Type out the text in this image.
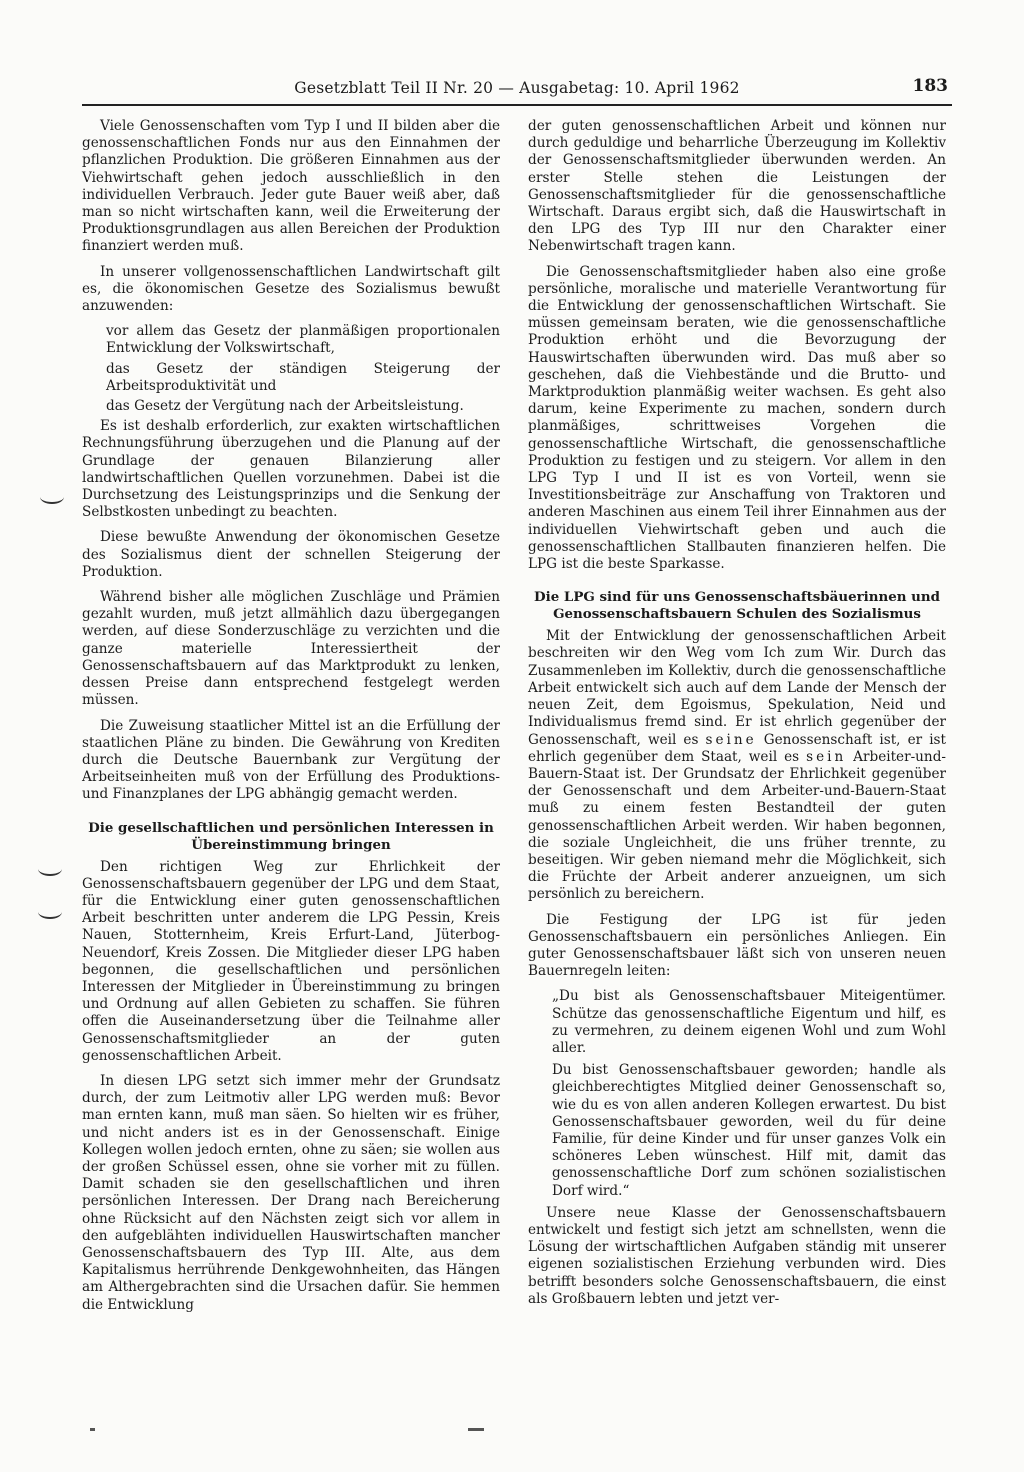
Gesetzblatt Teil II Nr. 20 — Ausgabetag: 10. April 1962	183

Viele Genossenschaften vom Typ I und II bilden aber die genossenschaftlichen Fonds nur aus den Einnahmen der pflanzlichen Produktion. Die größeren Einnahmen aus der Viehwirtschaft gehen jedoch ausschließlich in den individuellen Verbrauch. Jeder gute Bauer weiß aber, daß man so nicht wirtschaften kann, weil die Erweiterung der Produktionsgrundlagen aus allen Bereichen der Produktion finanziert werden muß.

In unserer vollgenossenschaftlichen Landwirtschaft gilt es, die ökonomischen Gesetze des Sozialismus bewußt anzuwenden:

vor allem das Gesetz der planmäßigen proportionalen Entwicklung der Volkswirtschaft,

das Gesetz der ständigen Steigerung der Arbeitsproduktivität und

das Gesetz der Vergütung nach der Arbeitsleistung.

Es ist deshalb erforderlich, zur exakten wirtschaftlichen Rechnungsführung überzugehen und die Planung auf der Grundlage der genauen Bilanzierung aller landwirtschaftlichen Quellen vorzunehmen. Dabei ist die Durchsetzung des Leistungsprinzips und die Senkung der Selbstkosten unbedingt zu beachten.

Diese bewußte Anwendung der ökonomischen Gesetze des Sozialismus dient der schnellen Steigerung der Produktion.

Während bisher alle möglichen Zuschläge und Prämien gezahlt wurden, muß jetzt allmählich dazu übergegangen werden, auf diese Sonderzuschläge zu verzichten und die ganze materielle Interessiertheit der Genossenschaftsbauern auf das Marktprodukt zu lenken, dessen Preise dann entsprechend festgelegt werden müssen.

Die Zuweisung staatlicher Mittel ist an die Erfüllung der staatlichen Pläne zu binden. Die Gewährung von Krediten durch die Deutsche Bauernbank zur Vergütung der Arbeitseinheiten muß von der Erfüllung des Produktions- und Finanzplanes der LPG abhängig gemacht werden.

Die gesellschaftlichen und persönlichen Interessen in Übereinstimmung bringen

Den richtigen Weg zur Ehrlichkeit der Genossenschaftsbauern gegenüber der LPG und dem Staat, für die Entwicklung einer guten genossenschaftlichen Arbeit beschritten unter anderem die LPG Pessin, Kreis Nauen, Stotternheim, Kreis Erfurt-Land, Jüterbog-Neuendorf, Kreis Zossen. Die Mitglieder dieser LPG haben begonnen, die gesellschaftlichen und persönlichen Interessen der Mitglieder in Übereinstimmung zu bringen und Ordnung auf allen Gebieten zu schaffen. Sie führen offen die Auseinandersetzung über die Teilnahme aller Genossenschaftsmitglieder an der guten genossenschaftlichen Arbeit.

In diesen LPG setzt sich immer mehr der Grundsatz durch, der zum Leitmotiv aller LPG werden muß: Bevor man ernten kann, muß man säen. So hielten wir es früher, und nicht anders ist es in der Genossenschaft. Einige Kollegen wollen jedoch ernten, ohne zu säen; sie wollen aus der großen Schüssel essen, ohne sie vorher mit zu füllen. Damit schaden sie den gesellschaftlichen und ihren persönlichen Interessen. Der Drang nach Bereicherung ohne Rücksicht auf den Nächsten zeigt sich vor allem in den aufgeblähten individuellen Hauswirtschaften mancher Genossenschaftsbauern des Typ III. Alte, aus dem Kapitalismus herrührende Denkgewohnheiten, das Hängen am Althergebrachten sind die Ursachen dafür. Sie hemmen die Entwicklung

der guten genossenschaftlichen Arbeit und können nur durch geduldige und beharrliche Überzeugung im Kollektiv der Genossenschaftsmitglieder überwunden werden. An erster Stelle stehen die Leistungen der Genossenschaftsmitglieder für die genossenschaftliche Wirtschaft. Daraus ergibt sich, daß die Hauswirtschaft in den LPG des Typ III nur den Charakter einer Nebenwirtschaft tragen kann.

Die Genossenschaftsmitglieder haben also eine große persönliche, moralische und materielle Verantwortung für die Entwicklung der genossenschaftlichen Wirtschaft. Sie müssen gemeinsam beraten, wie die genossenschaftliche Produktion erhöht und die Bevorzugung der Hauswirtschaften überwunden wird. Das muß aber so geschehen, daß die Viehbestände und die Brutto- und Marktproduktion planmäßig weiter wachsen. Es geht also darum, keine Experimente zu machen, sondern durch planmäßiges, schrittweises Vorgehen die genossenschaftliche Wirtschaft, die genossenschaftliche Produktion zu festigen und zu steigern. Vor allem in den LPG Typ I und II ist es von Vorteil, wenn sie Investitionsbeiträge zur Anschaffung von Traktoren und anderen Maschinen aus einem Teil ihrer Einnahmen aus der individuellen Viehwirtschaft geben und auch die genossenschaftlichen Stallbauten finanzieren helfen. Die LPG ist die beste Sparkasse.

Die LPG sind für uns Genossenschaftsbäuerinnen und Genossenschaftsbauern Schulen des Sozialismus

Mit der Entwicklung der genossenschaftlichen Arbeit beschreiten wir den Weg vom Ich zum Wir. Durch das Zusammenleben im Kollektiv, durch die genossenschaftliche Arbeit entwickelt sich auch auf dem Lande der Mensch der neuen Zeit, dem Egoismus, Spekulation, Neid und Individualismus fremd sind. Er ist ehrlich gegenüber der Genossenschaft, weil es seine Genossenschaft ist, er ist ehrlich gegenüber dem Staat, weil es sein Arbeiter-und-Bauern-Staat ist. Der Grundsatz der Ehrlichkeit gegenüber der Genossenschaft und dem Arbeiter-und-Bauern-Staat muß zu einem festen Bestandteil der guten genossenschaftlichen Arbeit werden. Wir haben begonnen, die soziale Ungleichheit, die uns früher trennte, zu beseitigen. Wir geben niemand mehr die Möglichkeit, sich die Früchte der Arbeit anderer anzueignen, um sich persönlich zu bereichern.

Die Festigung der LPG ist für jeden Genossenschaftsbauern ein persönliches Anliegen. Ein guter Genossenschaftsbauer läßt sich von unseren neuen Bauernregeln leiten:

„Du bist als Genossenschaftsbauer Miteigentümer. Schütze das genossenschaftliche Eigentum und hilf, es zu vermehren, zu deinem eigenen Wohl und zum Wohl aller.

Du bist Genossenschaftsbauer geworden; handle als gleichberechtigtes Mitglied deiner Genossenschaft so, wie du es von allen anderen Kollegen erwartest. Du bist Genossenschaftsbauer geworden, weil du für deine Familie, für deine Kinder und für unser ganzes Volk ein schöneres Leben wünschest. Hilf mit, damit das genossenschaftliche Dorf zum schönen sozialistischen Dorf wird.“

Unsere neue Klasse der Genossenschaftsbauern entwickelt und festigt sich jetzt am schnellsten, wenn die Lösung der wirtschaftlichen Aufgaben ständig mit unserer eigenen sozialistischen Erziehung verbunden wird. Dies betrifft besonders solche Genossenschaftsbauern, die einst als Großbauern lebten und jetzt ver-
